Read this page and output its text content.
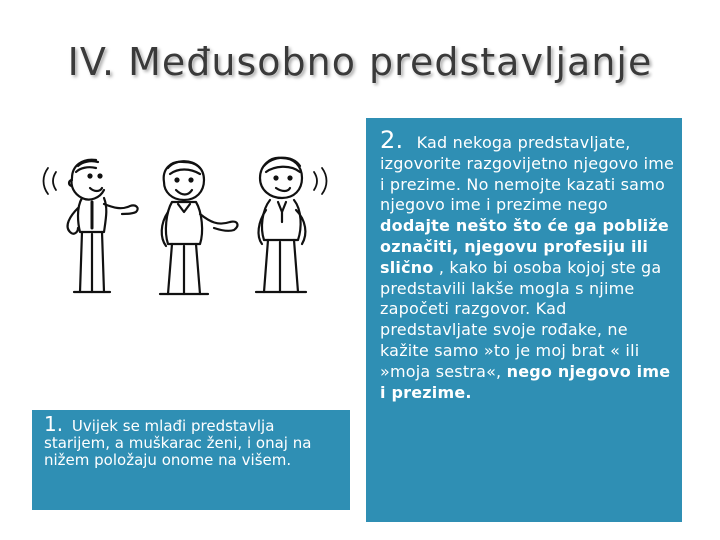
IV. Međusobno predstavljanje
1. Uvijek se mlađi predstavlja starijem, a muškarac ženi, i onaj na nižem položaju onome na višem.
2. Kad nekoga predstavljate, izgovorite razgovijetno njegovo ime i prezime. No nemojte kazati samo njegovo ime i prezime nego dodajte nešto što će ga pobliže označiti, njegovu profesiju ili slično , kako bi osoba kojoj ste ga predstavili lakše mogla s njime započeti razgovor. Kad predstavljate svoje rođake, ne kažite samo »to je moj brat « ili »moja sestra«, nego njegovo ime i prezime.
